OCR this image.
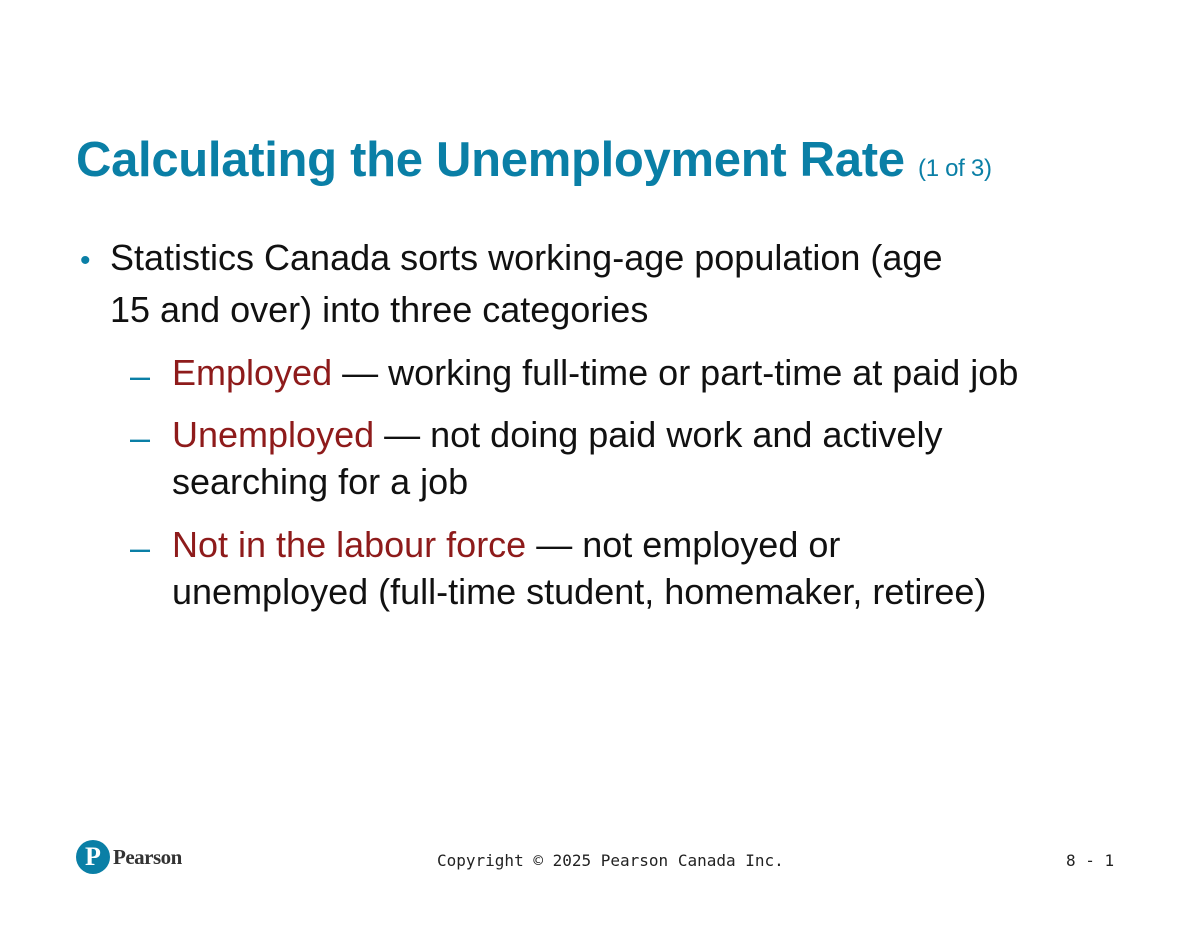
Calculating the Unemployment Rate (1 of 3)
• Statistics Canada sorts working-age population (age
15 and over) into three categories
– Employed — working full-time or part-time at paid job
– Unemployed — not doing paid work and actively
searching for a job
– Not in the labour force — not employed or
unemployed (full-time student, homemaker, retiree)
P Pearson	Copyright © 2025 Pearson Canada Inc.	8 - 1
